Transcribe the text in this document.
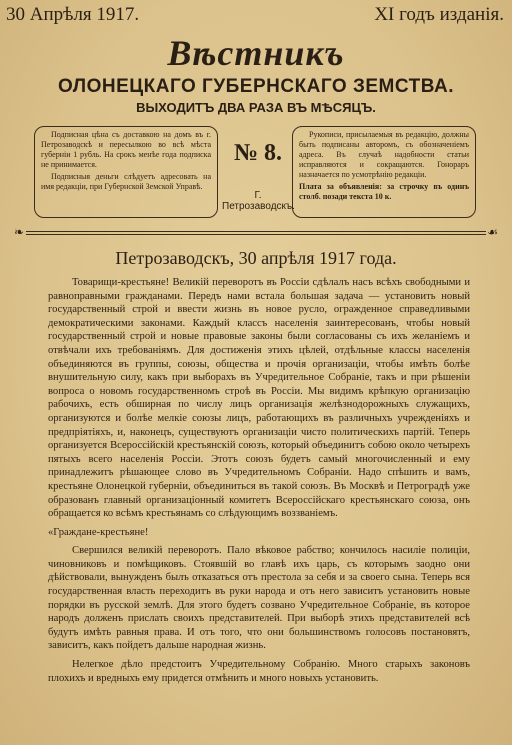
30 Апрѣля 1917.	XI годъ изданія.
Вѣстникъ
ОЛОНЕЦКАГО ГУБЕРНСКАГО ЗЕМСТВА.
ВЫХОДИТЪ ДВА РАЗА ВЪ МѢСЯЦЪ.

Подписная цѣна съ доставкою на домъ въ г. Петрозаводскѣ и пересылкою во всѣ мѣста губерніи 1 рубль. На срокъ менѣе года подписка не принимается.

Подписныя деньги слѣдуетъ адресовать на имя редакціи, при Губернской Земской Управѣ.

№ 8.
Г. Петрозаводскъ.

Рукописи, присылаемыя въ редакцію, должны быть подписаны авторомъ, съ обозначеніемъ адреса. Въ случаѣ надобности статьи исправляются и сокращаются. Гонораръ назначается по усмотрѣнію редакціи.

Плата за объявленія: за строчку въ одинъ столб. позади текста 10 к.

❧	☙
Петрозаводскъ, 30 апрѣля 1917 года.

Товарищи-крестьяне! Великій переворотъ въ Россіи сдѣлалъ насъ всѣхъ свободными и равноправными гражданами. Передъ нами встала большая задача — установить новый государственный строй и ввести жизнь въ новое русло, огражденное справедливыми демократическими законами. Каждый классъ населенія заинтересованъ, чтобы новый государственный строй и новые правовые законы были согласованы съ ихъ желаніемъ и отвѣчали ихъ требованіямъ. Для достиженія этихъ цѣлей, отдѣльные классы населенія объединяются въ группы, союзы, общества и прочія организаціи, чтобы имѣть болѣе внушительную силу, какъ при выборахъ въ Учредительное Собраніе, такъ и при рѣшеніи вопроса о новомъ государственномъ строѣ въ Россіи. Мы видимъ крѣпкую организацію рабочихъ, есть обширная по числу лицъ организація желѣзнодорожныхъ служащихъ, организуются и болѣе мелкіе союзы лицъ, работающихъ въ различныхъ учрежденіяхъ и предпріятіяхъ, и, наконецъ, существуютъ организаціи чисто политическихъ партій. Теперь организуется Всероссійскій крестьянскій союзъ, который объединитъ собою около четырехъ пятыхъ всего населенія Россіи. Этотъ союзъ будетъ самый многочисленный и ему принадлежитъ рѣшающее слово въ Учредительномъ Собраніи. Надо спѣшить и вамъ, крестьяне Олонецкой губерніи, объединиться въ такой союзъ. Въ Москвѣ и Петроградѣ уже образованъ главный организаціонный комитетъ Всероссійскаго крестьянскаго союза, онъ обращается ко всѣмъ крестьянамъ со слѣдующимъ воззваніемъ.

«Граждане-крестьяне!

Свершился великій переворотъ. Пало вѣковое рабство; кончилось насиліе полиціи, чиновниковъ и помѣщиковъ. Стоявшій во главѣ ихъ царь, съ которымъ заодно они дѣйствовали, вынужденъ былъ отказаться отъ престола за себя и за своего сына. Теперь вся государственная власть переходитъ въ руки народа и отъ него зависитъ установить новые порядки въ русской землѣ. Для этого будетъ созвано Учредительное Собраніе, въ которое народъ долженъ прислать своихъ представителей. При выборѣ этихъ представителей всѣ будутъ имѣть равныя права. И отъ того, что они большинствомъ голосовъ постановятъ, зависитъ, какъ пойдетъ дальше народная жизнь.

Нелегкое дѣло предстоитъ Учредительному Собранію. Много старыхъ законовъ плохихъ и вредныхъ ему придется отмѣнить и много новыхъ установить.
